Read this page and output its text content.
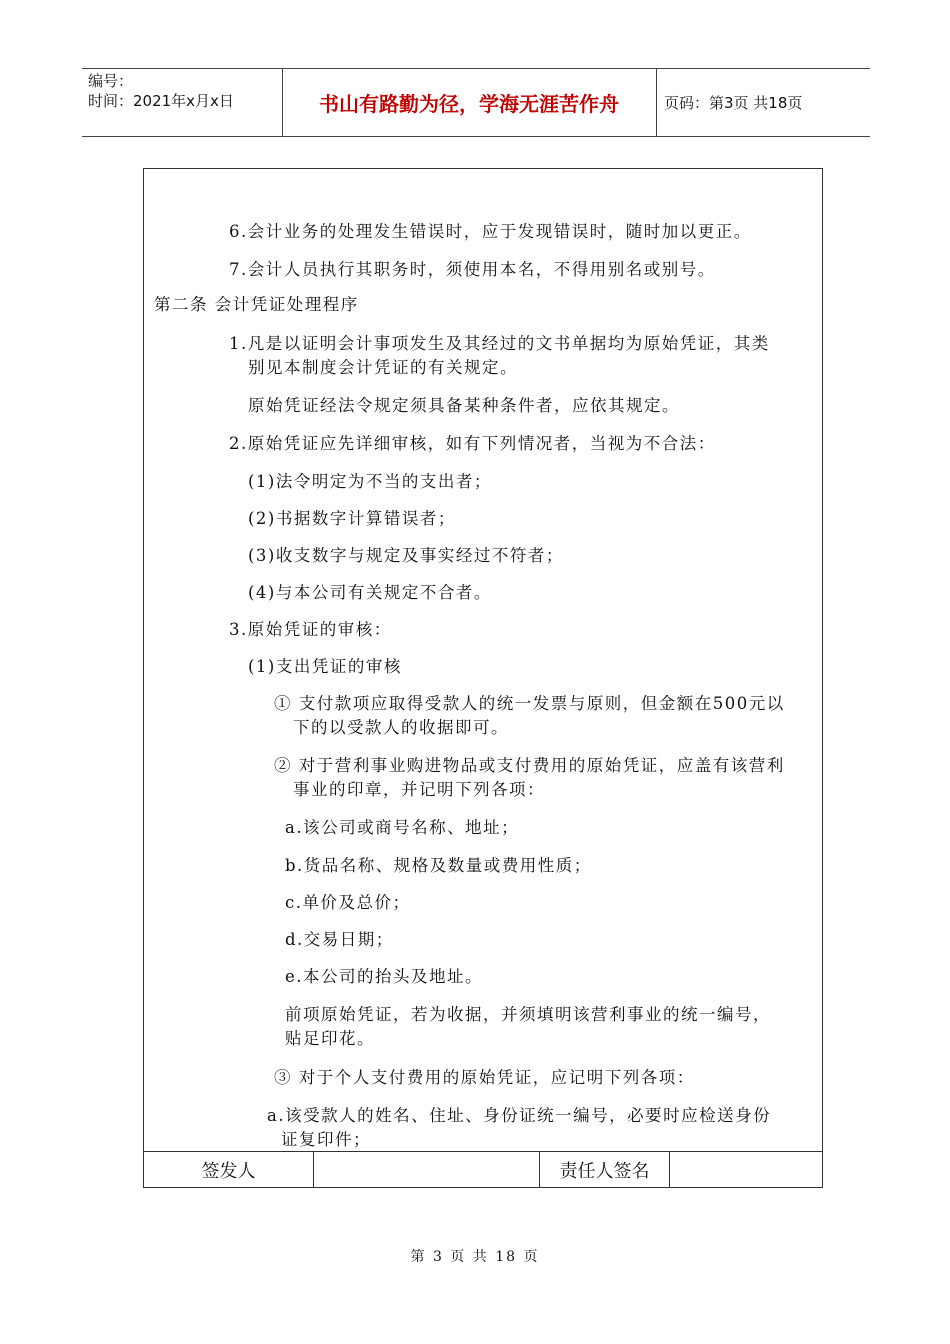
编号：
时间：2021年x月x日	书山有路勤为径，学海无涯苦作舟	页码：第3页 共18页
6.会计业务的处理发生错误时，应于发现错误时，随时加以更正。
7.会计人员执行其职务时，须使用本名，不得用别名或别号。
第二条 会计凭证处理程序
1.凡是以证明会计事项发生及其经过的文书单据均为原始凭证，其类
别见本制度会计凭证的有关规定。
原始凭证经法令规定须具备某种条件者，应依其规定。
2.原始凭证应先详细审核，如有下列情况者，当视为不合法：
(1)法令明定为不当的支出者；
(2)书据数字计算错误者；
(3)收支数字与规定及事实经过不符者；
(4)与本公司有关规定不合者。
3.原始凭证的审核：
(1)支出凭证的审核
① 支付款项应取得受款人的统一发票与原则，但金额在500元以
下的以受款人的收据即可。
② 对于营利事业购进物品或支付费用的原始凭证，应盖有该营利
事业的印章，并记明下列各项：
a.该公司或商号名称、地址；
b.货品名称、规格及数量或费用性质；
c.单价及总价；
d.交易日期；
e.本公司的抬头及地址。
前项原始凭证，若为收据，并须填明该营利事业的统一编号，
贴足印花。
③ 对于个人支付费用的原始凭证，应记明下列各项：
a.该受款人的姓名、住址、身份证统一编号，必要时应检送身份
证复印件；
签发人	责任人签名
第 3 页 共 18 页
